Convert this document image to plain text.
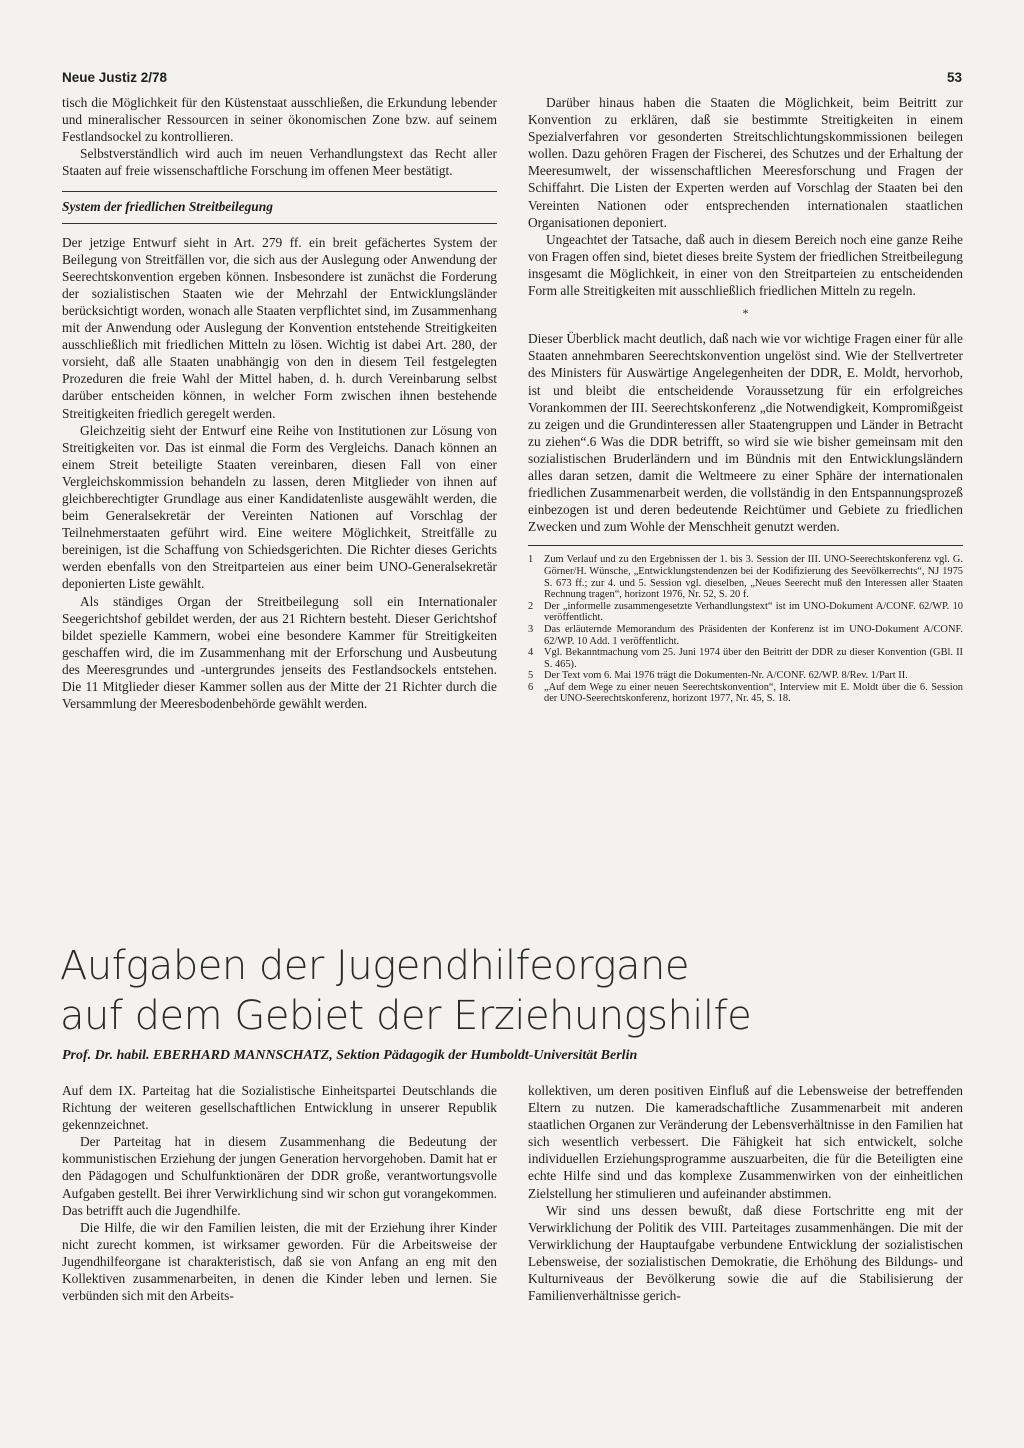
Neue Justiz 2/78	53

tisch die Möglichkeit für den Küstenstaat ausschließen, die Erkundung lebender und mineralischer Ressourcen in seiner ökonomischen Zone bzw. auf seinem Festlandsockel zu kontrollieren.

Selbstverständlich wird auch im neuen Verhandlungstext das Recht aller Staaten auf freie wissenschaftliche Forschung im offenen Meer bestätigt.

System der friedlichen Streitbeilegung

Der jetzige Entwurf sieht in Art. 279 ff. ein breit gefächertes System der Beilegung von Streitfällen vor, die sich aus der Auslegung oder Anwendung der Seerechtskonvention ergeben können. Insbesondere ist zunächst die Forderung der sozialistischen Staaten wie der Mehrzahl der Entwicklungsländer berücksichtigt worden, wonach alle Staaten verpflichtet sind, im Zusammenhang mit der Anwendung oder Auslegung der Konvention entstehende Streitigkeiten ausschließlich mit friedlichen Mitteln zu lösen. Wichtig ist dabei Art. 280, der vorsieht, daß alle Staaten unabhängig von den in diesem Teil festgelegten Prozeduren die freie Wahl der Mittel haben, d. h. durch Vereinbarung selbst darüber entscheiden können, in welcher Form zwischen ihnen bestehende Streitigkeiten friedlich geregelt werden.

Gleichzeitig sieht der Entwurf eine Reihe von Institutionen zur Lösung von Streitigkeiten vor. Das ist einmal die Form des Vergleichs. Danach können an einem Streit beteiligte Staaten vereinbaren, diesen Fall von einer Vergleichskommission behandeln zu lassen, deren Mitglieder von ihnen auf gleichberechtigter Grundlage aus einer Kandidatenliste ausgewählt werden, die beim Generalsekretär der Vereinten Nationen auf Vorschlag der Teilnehmerstaaten geführt wird. Eine weitere Möglichkeit, Streitfälle zu bereinigen, ist die Schaffung von Schiedsgerichten. Die Richter dieses Gerichts werden ebenfalls von den Streitparteien aus einer beim UNO-Generalsekretär deponierten Liste gewählt.

Als ständiges Organ der Streitbeilegung soll ein Internationaler Seegerichtshof gebildet werden, der aus 21 Richtern besteht. Dieser Gerichtshof bildet spezielle Kammern, wobei eine besondere Kammer für Streitigkeiten geschaffen wird, die im Zusammenhang mit der Erforschung und Ausbeutung des Meeresgrundes und -untergrundes jenseits des Festlandsockels entstehen. Die 11 Mitglieder dieser Kammer sollen aus der Mitte der 21 Richter durch die Versammlung der Meeresbodenbehörde gewählt werden.

Darüber hinaus haben die Staaten die Möglichkeit, beim Beitritt zur Konvention zu erklären, daß sie bestimmte Streitigkeiten in einem Spezialverfahren vor gesonderten Streitschlichtungskommissionen beilegen wollen. Dazu gehören Fragen der Fischerei, des Schutzes und der Erhaltung der Meeresumwelt, der wissenschaftlichen Meeresforschung und Fragen der Schiffahrt. Die Listen der Experten werden auf Vorschlag der Staaten bei den Vereinten Nationen oder entsprechenden internationalen staatlichen Organisationen deponiert.

Ungeachtet der Tatsache, daß auch in diesem Bereich noch eine ganze Reihe von Fragen offen sind, bietet dieses breite System der friedlichen Streitbeilegung insgesamt die Möglichkeit, in einer von den Streitparteien zu entscheidenden Form alle Streitigkeiten mit ausschließlich friedlichen Mitteln zu regeln.

*

Dieser Überblick macht deutlich, daß nach wie vor wichtige Fragen einer für alle Staaten annehmbaren Seerechtskonvention ungelöst sind. Wie der Stellvertreter des Ministers für Auswärtige Angelegenheiten der DDR, E. Moldt, hervorhob, ist und bleibt die entscheidende Voraussetzung für ein erfolgreiches Vorankommen der III. Seerechtskonferenz „die Notwendigkeit, Kompromißgeist zu zeigen und die Grundinteressen aller Staatengruppen und Länder in Betracht zu ziehen“.6 Was die DDR betrifft, so wird sie wie bisher gemeinsam mit den sozialistischen Bruderländern und im Bündnis mit den Entwicklungsländern alles daran setzen, damit die Weltmeere zu einer Sphäre der internationalen friedlichen Zusammenarbeit werden, die vollständig in den Entspannungsprozeß einbezogen ist und deren bedeutende Reichtümer und Gebiete zu friedlichen Zwecken und zum Wohle der Menschheit genutzt werden.

1	Zum Verlauf und zu den Ergebnissen der 1. bis 3. Session der III. UNO-Seerechtskonferenz vgl. G. Görner/H. Wünsche, „Entwicklungstendenzen bei der Kodifizierung des Seevölkerrechts“, NJ 1975 S. 673 ff.; zur 4. und 5. Session vgl. dieselben, „Neues Seerecht muß den Interessen aller Staaten Rechnung tragen“, horizont 1976, Nr. 52, S. 20 f.
2	Der „informelle zusammengesetzte Verhandlungstext“ ist im UNO-Dokument A/CONF. 62/WP. 10 veröffentlicht.
3	Das erläuternde Memorandum des Präsidenten der Konferenz ist im UNO-Dokument A/CONF. 62/WP. 10 Add. 1 veröffentlicht.
4	Vgl. Bekanntmachung vom 25. Juni 1974 über den Beitritt der DDR zu dieser Konvention (GBl. II S. 465).
5	Der Text vom 6. Mai 1976 trägt die Dokumenten-Nr. A/CONF. 62/WP. 8/Rev. 1/Part II.
6	„Auf dem Wege zu einer neuen Seerechtskonvention“, Interview mit E. Moldt über die 6. Session der UNO-Seerechtskonferenz, horizont 1977, Nr. 45, S. 18.
Aufgaben der Jugendhilfeorgane
auf dem Gebiet der Erziehungshilfe
Prof. Dr. habil. EBERHARD MANNSCHATZ, Sektion Pädagogik der Humboldt-Universität Berlin

Auf dem IX. Parteitag hat die Sozialistische Einheitspartei Deutschlands die Richtung der weiteren gesellschaftlichen Entwicklung in unserer Republik gekennzeichnet.

Der Parteitag hat in diesem Zusammenhang die Bedeutung der kommunistischen Erziehung der jungen Generation hervorgehoben. Damit hat er den Pädagogen und Schulfunktionären der DDR große, verantwortungsvolle Aufgaben gestellt. Bei ihrer Verwirklichung sind wir schon gut vorangekommen. Das betrifft auch die Jugendhilfe.

Die Hilfe, die wir den Familien leisten, die mit der Erziehung ihrer Kinder nicht zurecht kommen, ist wirksamer geworden. Für die Arbeitsweise der Jugendhilfeorgane ist charakteristisch, daß sie von Anfang an eng mit den Kollektiven zusammenarbeiten, in denen die Kinder leben und lernen. Sie verbünden sich mit den Arbeits-

kollektiven, um deren positiven Einfluß auf die Lebensweise der betreffenden Eltern zu nutzen. Die kameradschaftliche Zusammenarbeit mit anderen staatlichen Organen zur Veränderung der Lebensverhältnisse in den Familien hat sich wesentlich verbessert. Die Fähigkeit hat sich entwickelt, solche individuellen Erziehungsprogramme auszuarbeiten, die für die Beteiligten eine echte Hilfe sind und das komplexe Zusammenwirken von der einheitlichen Zielstellung her stimulieren und aufeinander abstimmen.

Wir sind uns dessen bewußt, daß diese Fortschritte eng mit der Verwirklichung der Politik des VIII. Parteitages zusammenhängen. Die mit der Verwirklichung der Hauptaufgabe verbundene Entwicklung der sozialistischen Lebensweise, der sozialistischen Demokratie, die Erhöhung des Bildungs- und Kulturniveaus der Bevölkerung sowie die auf die Stabilisierung der Familienverhältnisse gerich-
